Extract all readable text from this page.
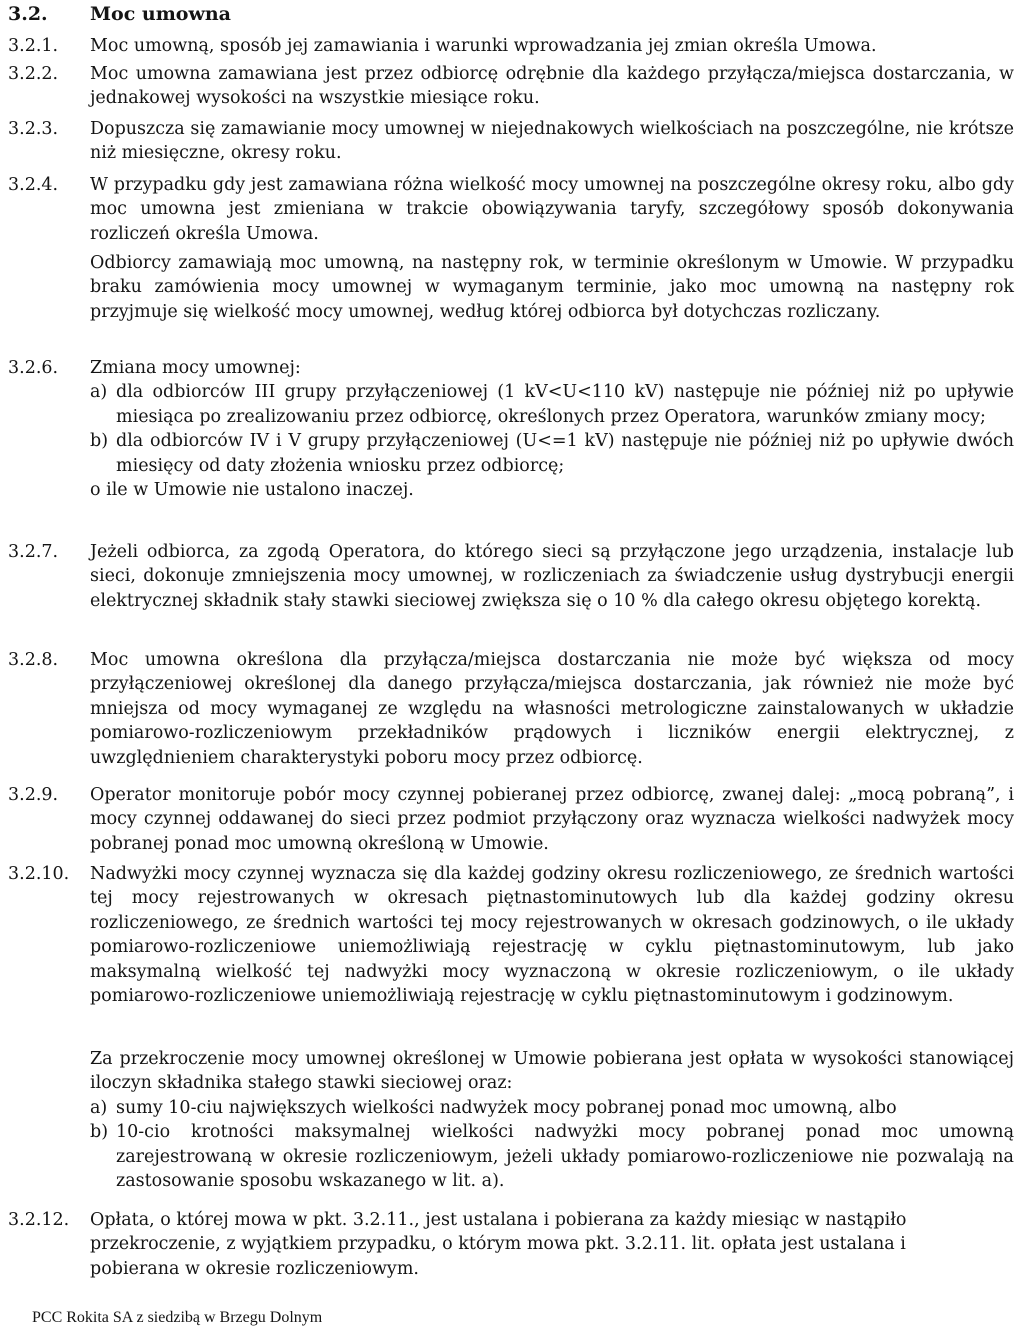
3.2. Moc umowna
3.2.1. Moc umowną, sposób jej zamawiania i warunki wprowadzania jej zmian określa Umowa.
3.2.2. Moc umowna zamawiana jest przez odbiorcę odrębnie dla każdego przyłącza/miejsca dostarczania, w jednakowej wysokości na wszystkie miesiące roku.
3.2.3. Dopuszcza się zamawianie mocy umownej w niejednakowych wielkościach na poszczególne, nie krótsze niż miesięczne, okresy roku.
3.2.4. W przypadku gdy jest zamawiana różna wielkość mocy umownej na poszczególne okresy roku, albo gdy moc umowna jest zmieniana w trakcie obowiązywania taryfy, szczegółowy sposób dokonywania rozliczeń określa Umowa.
Odbiorcy zamawiają moc umowną, na następny rok, w terminie określonym w Umowie. W przypadku braku zamówienia mocy umownej w wymaganym terminie, jako moc umowną na następny rok przyjmuje się wielkość mocy umownej, według której odbiorca był dotychczas rozliczany.
3.2.6. Zmiana mocy umownej:
a) dla odbiorców III grupy przyłączeniowej (1 kV<U<110 kV) następuje nie później niż po upływie miesiąca po zrealizowaniu przez odbiorcę, określonych przez Operatora, warunków zmiany mocy;
b) dla odbiorców IV i V grupy przyłączeniowej (U<=1 kV) następuje nie później niż po upływie dwóch miesięcy od daty złożenia wniosku przez odbiorcę;
o ile w Umowie nie ustalono inaczej.
3.2.7. Jeżeli odbiorca, za zgodą Operatora, do którego sieci są przyłączone jego urządzenia, instalacje lub sieci, dokonuje zmniejszenia mocy umownej, w rozliczeniach za świadczenie usług dystrybucji energii elektrycznej składnik stały stawki sieciowej zwiększa się o 10 % dla całego okresu objętego korektą.
3.2.8. Moc umowna określona dla przyłącza/miejsca dostarczania nie może być większa od mocy przyłączeniowej określonej dla danego przyłącza/miejsca dostarczania, jak również nie może być mniejsza od mocy wymaganej ze względu na własności metrologiczne zainstalowanych w układzie pomiarowo-rozliczeniowym przekładników prądowych i liczników energii elektrycznej, z uwzględnieniem charakterystyki poboru mocy przez odbiorcę.
3.2.9. Operator monitoruje pobór mocy czynnej pobieranej przez odbiorcę, zwanej dalej: „mocą pobraną”, i mocy czynnej oddawanej do sieci przez podmiot przyłączony oraz wyznacza wielkości nadwyżek mocy pobranej ponad moc umowną określoną w Umowie.
3.2.10. Nadwyżki mocy czynnej wyznacza się dla każdej godziny okresu rozliczeniowego, ze średnich wartości tej mocy rejestrowanych w okresach piętnastominutowych lub dla każdej godziny okresu rozliczeniowego, ze średnich wartości tej mocy rejestrowanych w okresach godzinowych, o ile układy pomiarowo-rozliczeniowe uniemożliwiają rejestrację w cyklu piętnastominutowym, lub jako maksymalną wielkość tej nadwyżki mocy wyznaczoną w okresie rozliczeniowym, o ile układy pomiarowo-rozliczeniowe uniemożliwiają rejestrację w cyklu piętnastominutowym i godzinowym.
Za przekroczenie mocy umownej określonej w Umowie pobierana jest opłata w wysokości stanowiącej iloczyn składnika stałego stawki sieciowej oraz:
a) sumy 10-ciu największych wielkości nadwyżek mocy pobranej ponad moc umowną, albo
b) 10-cio krotności maksymalnej wielkości nadwyżki mocy pobranej ponad moc umowną zarejestrowaną w okresie rozliczeniowym, jeżeli układy pomiarowo-rozliczeniowe nie pozwalają na zastosowanie sposobu wskazanego w lit. a).
3.2.12. Opłata, o której mowa w pkt. 3.2.11., jest ustalana i pobierana za każdy miesiąc w nastąpiło przekroczenie, z wyjątkiem przypadku, o którym mowa pkt. 3.2.11. lit. opłata jest ustalana i pobierana w okresie rozliczeniowym.
PCC Rokita SA z siedzibą w Brzegu Dolnym
